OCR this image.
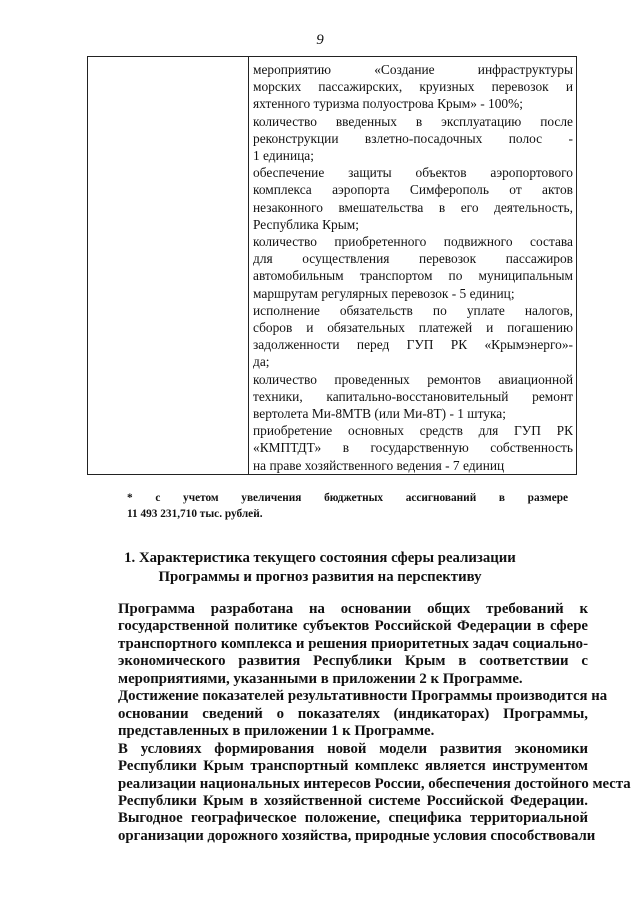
9

мероприятию «Создание инфраструктуры
морских пассажирских, круизных перевозок и
яхтенного туризма полуострова Крым» - 100%;
количество введенных в эксплуатацию после
реконструкции взлетно-посадочных полос -
1 единица;
обеспечение защиты объектов аэропортового
комплекса аэропорта Симферополь от актов
незаконного вмешательства в его деятельность,
Республика Крым;
количество приобретенного подвижного состава
для осуществления перевозок пассажиров
автомобильным транспортом по муниципальным
маршрутам регулярных перевозок - 5 единиц;
исполнение обязательств по уплате налогов,
сборов и обязательных платежей и погашению
задолженности перед ГУП РК «Крымэнерго»-
да;
количество проведенных ремонтов авиационной
техники, капитально-восстановительный ремонт
вертолета Ми-8МТВ (или Ми-8Т) - 1 штука;
приобретение основных средств для ГУП РК
«КМПТДТ» в государственную собственность
на праве хозяйственного ведения - 7 единиц
* с учетом увеличения бюджетных ассигнований в размере
11 493 231,710 тыс. рублей.
1. Характеристика текущего состояния сферы реализации
Программы и прогноз развития на перспективу
Программа разработана на основании общих требований к
государственной политике субъектов Российской Федерации в сфере
транспортного комплекса и решения приоритетных задач социально-
экономического развития Республики Крым в соответствии с
мероприятиями, указанными в приложении 2 к Программе.
Достижение показателей результативности Программы производится на
основании сведений о показателях (индикаторах) Программы,
представленных в приложении 1 к Программе.
В условиях формирования новой модели развития экономики
Республики Крым транспортный комплекс является инструментом
реализации национальных интересов России, обеспечения достойного места
Республики Крым в хозяйственной системе Российской Федерации.
Выгодное географическое положение, специфика территориальной
организации дорожного хозяйства, природные условия способствовали
